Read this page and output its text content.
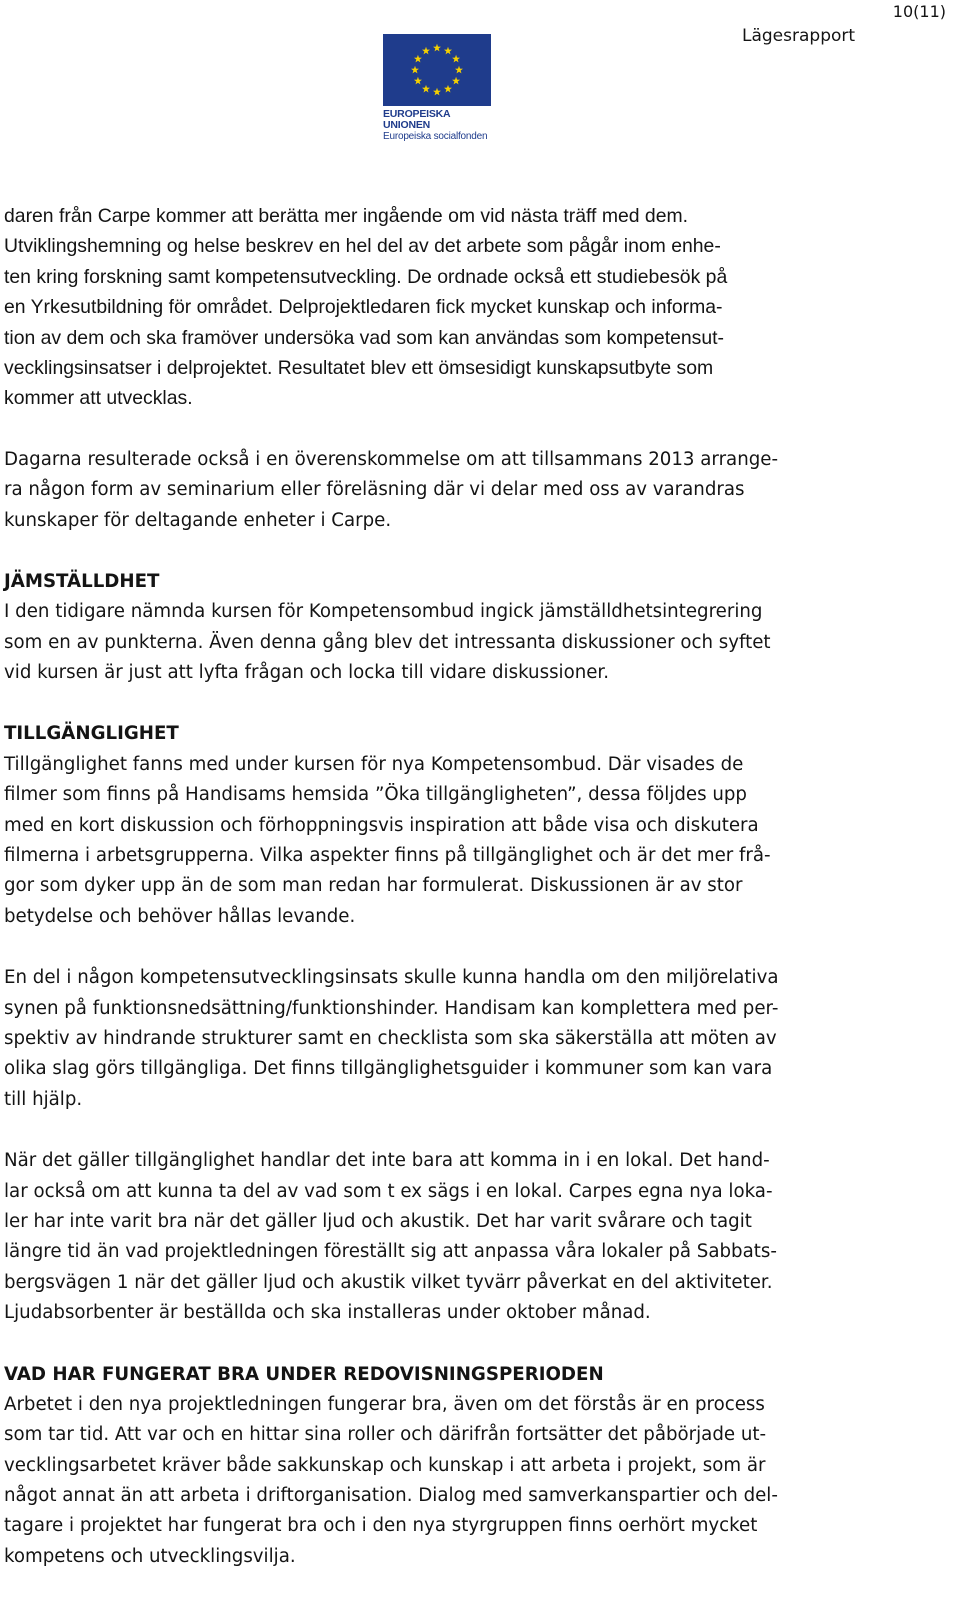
10(11)
Lägesrapport
EUROPEISKA UNIONEN
Europeiska socialfonden
daren från Carpe kommer att berätta mer ingående om vid nästa träff med dem.
Utviklingshemning og helse beskrev en hel del av det arbete som pågår inom enhe-
ten kring forskning samt kompetensutveckling. De ordnade också ett studiebesök på
en Yrkesutbildning för området. Delprojektledaren fick mycket kunskap och informa-
tion av dem och ska framöver undersöka vad som kan användas som kompetensut-
vecklingsinsatser i delprojektet. Resultatet blev ett ömsesidigt kunskapsutbyte som
kommer att utvecklas.
Dagarna resulterade också i en överenskommelse om att tillsammans 2013 arrange-
ra någon form av seminarium eller föreläsning där vi delar med oss av varandras
kunskaper för deltagande enheter i Carpe.
JÄMSTÄLLDHET
I den tidigare nämnda kursen för Kompetensombud ingick jämställdhetsintegrering
som en av punkterna. Även denna gång blev det intressanta diskussioner och syftet
vid kursen är just att lyfta frågan och locka till vidare diskussioner.
TILLGÄNGLIGHET
Tillgänglighet fanns med under kursen för nya Kompetensombud. Där visades de
filmer som finns på Handisams hemsida ”Öka tillgängligheten”, dessa följdes upp
med en kort diskussion och förhoppningsvis inspiration att både visa och diskutera
filmerna i arbetsgrupperna. Vilka aspekter finns på tillgänglighet och är det mer frå-
gor som dyker upp än de som man redan har formulerat. Diskussionen är av stor
betydelse och behöver hållas levande.
En del i någon kompetensutvecklingsinsats skulle kunna handla om den miljörelativa
synen på funktionsnedsättning/funktionshinder. Handisam kan komplettera med per-
spektiv av hindrande strukturer samt en checklista som ska säkerställa att möten av
olika slag görs tillgängliga. Det finns tillgänglighetsguider i kommuner som kan vara
till hjälp.
När det gäller tillgänglighet handlar det inte bara att komma in i en lokal. Det hand-
lar också om att kunna ta del av vad som t ex sägs i en lokal. Carpes egna nya loka-
ler har inte varit bra när det gäller ljud och akustik. Det har varit svårare och tagit
längre tid än vad projektledningen föreställt sig att anpassa våra lokaler på Sabbats-
bergsvägen 1 när det gäller ljud och akustik vilket tyvärr påverkat en del aktiviteter.
Ljudabsorbenter är beställda och ska installeras under oktober månad.
VAD HAR FUNGERAT BRA UNDER REDOVISNINGSPERIODEN
Arbetet i den nya projektledningen fungerar bra, även om det förstås är en process
som tar tid. Att var och en hittar sina roller och därifrån fortsätter det påbörjade ut-
vecklingsarbetet kräver både sakkunskap och kunskap i att arbeta i projekt, som är
något annat än att arbeta i driftorganisation. Dialog med samverkanspartier och del-
tagare i projektet har fungerat bra och i den nya styrgruppen finns oerhört mycket
kompetens och utvecklingsvilja.
